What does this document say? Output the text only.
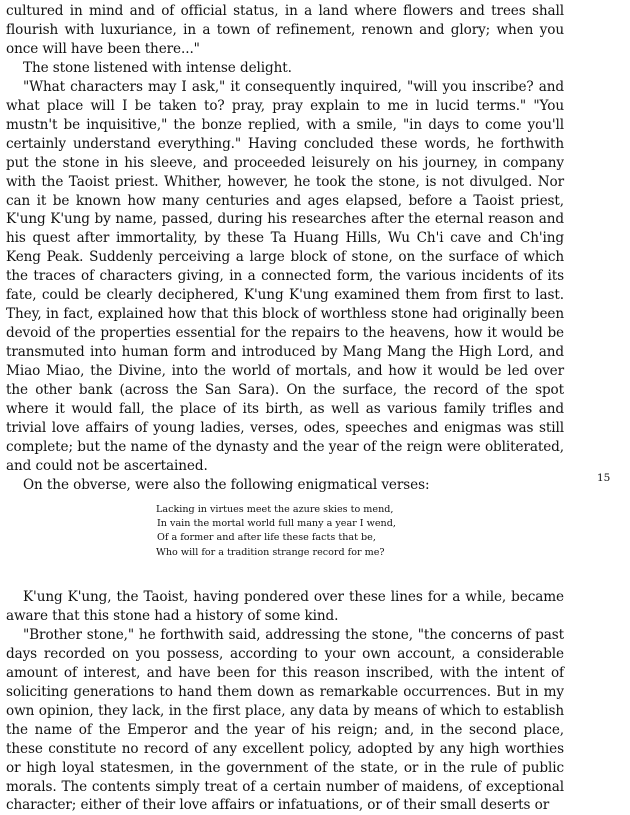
cultured in mind and of official status, in a land where flowers and trees shall flourish with luxuriance, in a town of refinement, renown and glory; when you once will have been there..."

The stone listened with intense delight.

"What characters may I ask," it consequently inquired, "will you inscribe? and what place will I be taken to? pray, pray explain to me in lucid terms." "You mustn't be inquisitive," the bonze replied, with a smile, "in days to come you'll certainly understand everything." Having concluded these words, he forthwith put the stone in his sleeve, and proceeded leisurely on his journey, in company with the Taoist priest. Whither, however, he took the stone, is not divulged. Nor can it be known how many centuries and ages elapsed, before a Taoist priest, K'ung K'ung by name, passed, during his researches after the eternal reason and his quest after immortality, by these Ta Huang Hills, Wu Ch'i cave and Ch'ing Keng Peak. Suddenly perceiving a large block of stone, on the surface of which the traces of characters giving, in a connected form, the various incidents of its fate, could be clearly deciphered, K'ung K'ung examined them from first to last. They, in fact, explained how that this block of worthless stone had originally been devoid of the properties essential for the repairs to the heavens, how it would be transmuted into human form and introduced by Mang Mang the High Lord, and Miao Miao, the Divine, into the world of mortals, and how it would be led over the other bank (across the San Sara). On the surface, the record of the spot where it would fall, the place of its birth, as well as various family trifles and trivial love affairs of young ladies, verses, odes, speeches and enigmas was still complete; but the name of the dynasty and the year of the reign were obliterated, and could not be ascertained.

On the obverse, were also the following enigmatical verses:	15
Lacking in virtues meet the azure skies to mend,
In vain the mortal world full many a year I wend,
Of a former and after life these facts that be,
Who will for a tradition strange record for me?

K'ung K'ung, the Taoist, having pondered over these lines for a while, became aware that this stone had a history of some kind.

"Brother stone," he forthwith said, addressing the stone, "the concerns of past days recorded on you possess, according to your own account, a considerable amount of interest, and have been for this reason inscribed, with the intent of soliciting generations to hand them down as remarkable occurrences. But in my own opinion, they lack, in the first place, any data by means of which to establish the name of the Emperor and the year of his reign; and, in the second place, these constitute no record of any excellent policy, adopted by any high worthies or high loyal statesmen, in the government of the state, or in the rule of public morals. The contents simply treat of a certain number of maidens, of exceptional character; either of their love affairs or infatuations, or of their small deserts or
